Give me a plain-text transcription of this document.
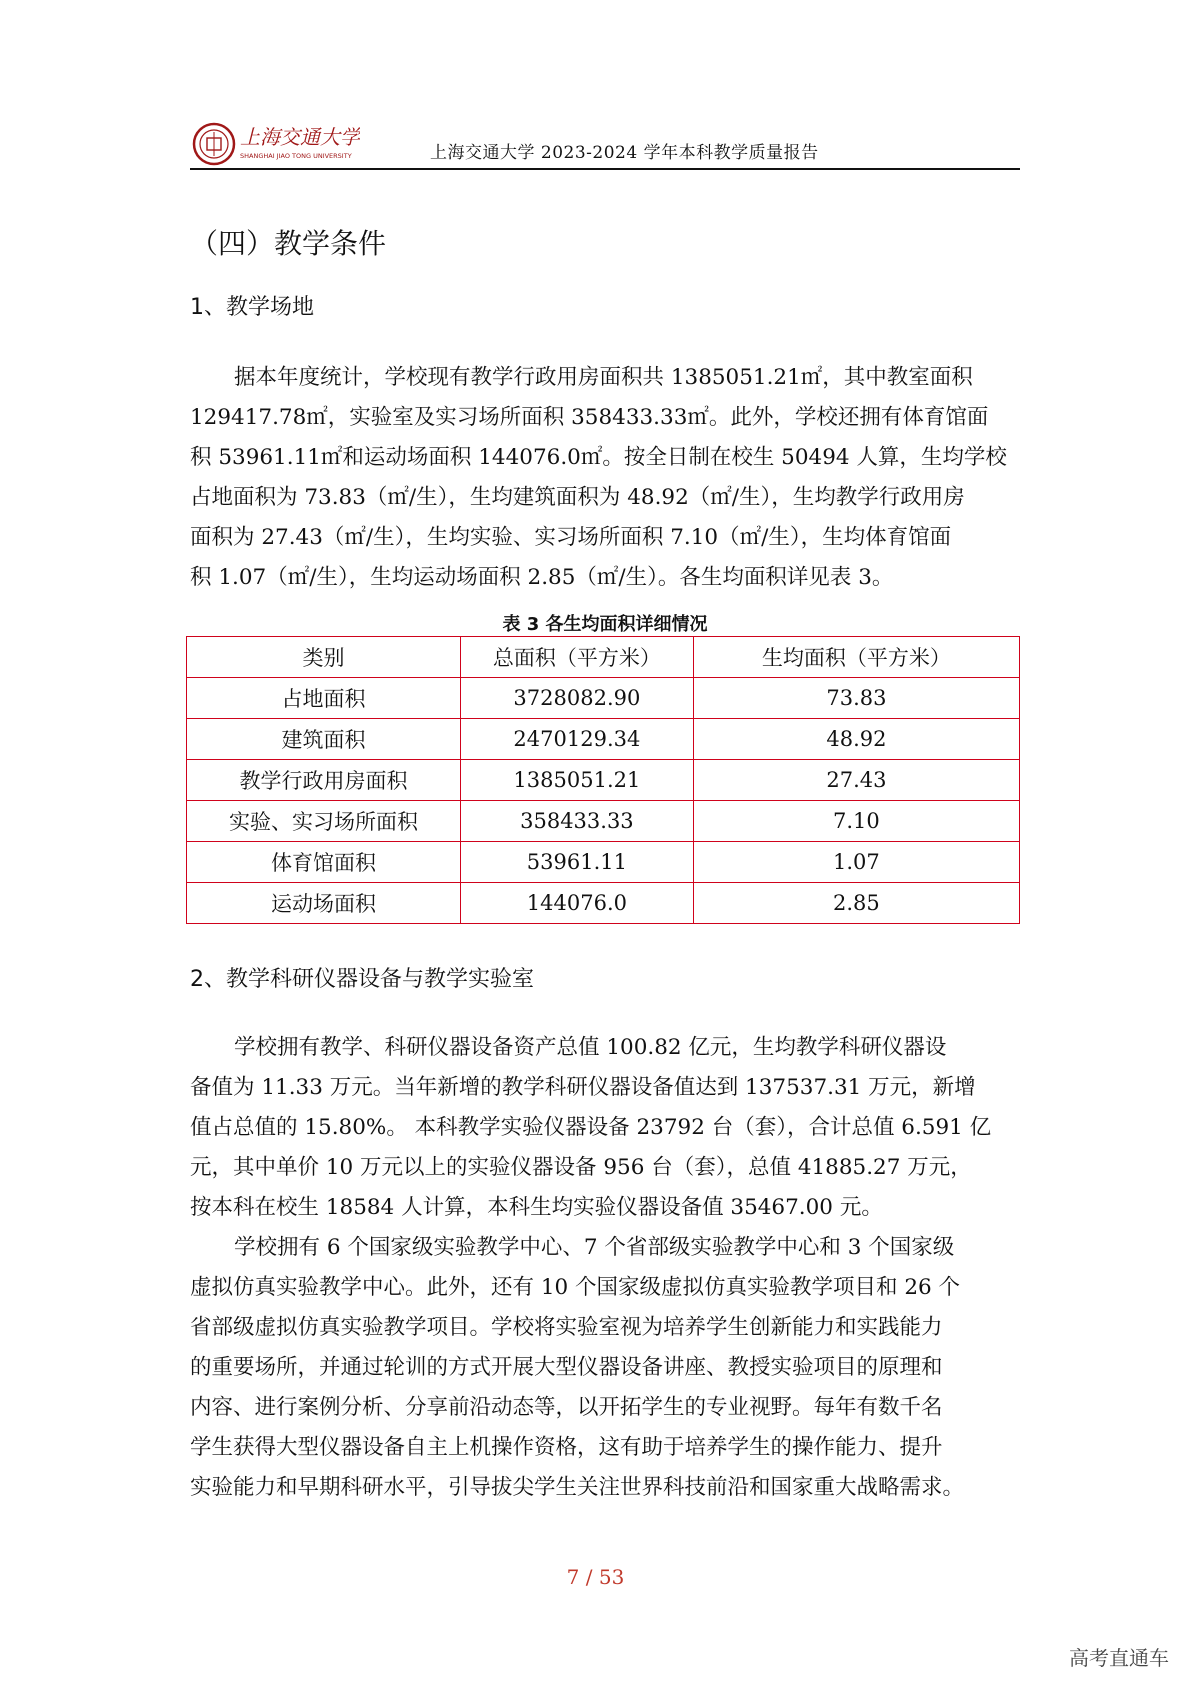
上海交通大学
SHANGHAI JIAO TONG UNIVERSITY	上海交通大学 2023-2024 学年本科教学质量报告
（四）教学条件
1、教学场地
据本年度统计，学校现有教学行政用房面积共 1385051.21㎡，其中教室面积
129417.78㎡，实验室及实习场所面积 358433.33㎡。此外，学校还拥有体育馆面
积 53961.11㎡和运动场面积 144076.0㎡。按全日制在校生 50494 人算，生均学校
占地面积为 73.83（㎡/生），生均建筑面积为 48.92（㎡/生），生均教学行政用房
面积为 27.43（㎡/生），生均实验、实习场所面积 7.10（㎡/生），生均体育馆面
积 1.07（㎡/生），生均运动场面积 2.85（㎡/生）。各生均面积详见表 3。
表 3 各生均面积详细情况
类别	总面积（平方米）	生均面积（平方米）
占地面积	3728082.90	73.83
建筑面积	2470129.34	48.92
教学行政用房面积	1385051.21	27.43
实验、实习场所面积	358433.33	7.10
体育馆面积	53961.11	1.07
运动场面积	144076.0	2.85
2、教学科研仪器设备与教学实验室
学校拥有教学、科研仪器设备资产总值 100.82 亿元，生均教学科研仪器设
备值为 11.33 万元。当年新增的教学科研仪器设备值达到 137537.31 万元，新增
值占总值的 15.80%。 本科教学实验仪器设备 23792 台（套），合计总值 6.591 亿
元，其中单价 10 万元以上的实验仪器设备 956 台（套），总值 41885.27 万元，
按本科在校生 18584 人计算，本科生均实验仪器设备值 35467.00 元。
学校拥有 6 个国家级实验教学中心、7 个省部级实验教学中心和 3 个国家级
虚拟仿真实验教学中心。此外，还有 10 个国家级虚拟仿真实验教学项目和 26 个
省部级虚拟仿真实验教学项目。学校将实验室视为培养学生创新能力和实践能力
的重要场所，并通过轮训的方式开展大型仪器设备讲座、教授实验项目的原理和
内容、进行案例分析、分享前沿动态等，以开拓学生的专业视野。每年有数千名
学生获得大型仪器设备自主上机操作资格，这有助于培养学生的操作能力、提升
实验能力和早期科研水平，引导拔尖学生关注世界科技前沿和国家重大战略需求。
7 / 53
高考直通车
